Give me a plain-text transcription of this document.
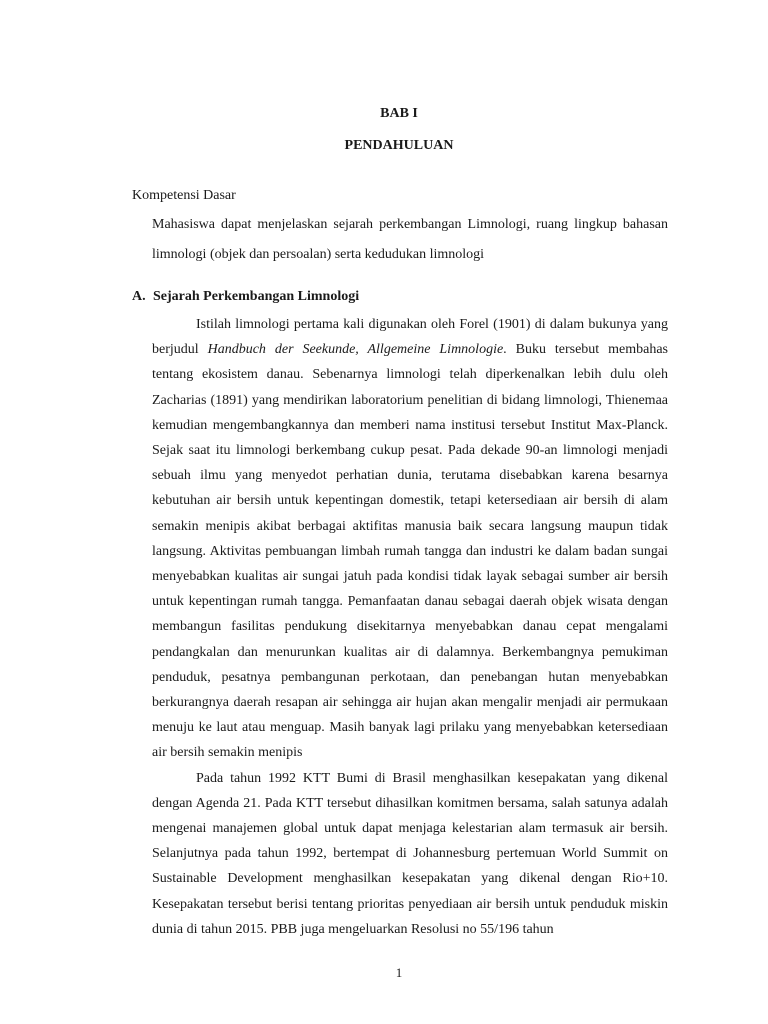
BAB I
PENDAHULUAN
Kompetensi Dasar

Mahasiswa dapat menjelaskan sejarah perkembangan Limnologi, ruang lingkup bahasan limnologi (objek dan persoalan) serta kedudukan limnologi

A. Sejarah Perkembangan Limnologi

Istilah limnologi pertama kali digunakan oleh Forel (1901) di dalam bukunya yang berjudul Handbuch der Seekunde, Allgemeine Limnologie. Buku tersebut membahas tentang ekosistem danau. Sebenarnya limnologi telah diperkenalkan lebih dulu oleh Zacharias (1891) yang mendirikan laboratorium penelitian di bidang limnologi, Thienemaa kemudian mengembangkannya dan memberi nama institusi tersebut Institut Max-Planck. Sejak saat itu limnologi berkembang cukup pesat. Pada dekade 90-an limnologi menjadi sebuah ilmu yang menyedot perhatian dunia, terutama disebabkan karena besarnya kebutuhan air bersih untuk kepentingan domestik, tetapi ketersediaan air bersih di alam semakin menipis akibat berbagai aktifitas manusia baik secara langsung maupun tidak langsung. Aktivitas pembuangan limbah rumah tangga dan industri ke dalam badan sungai menyebabkan kualitas air sungai jatuh pada kondisi tidak layak sebagai sumber air bersih untuk kepentingan rumah tangga. Pemanfaatan danau sebagai daerah objek wisata dengan membangun fasilitas pendukung disekitarnya menyebabkan danau cepat mengalami pendangkalan dan menurunkan kualitas air di dalamnya. Berkembangnya pemukiman penduduk, pesatnya pembangunan perkotaan, dan penebangan hutan menyebabkan berkurangnya daerah resapan air sehingga air hujan akan mengalir menjadi air permukaan menuju ke laut atau menguap. Masih banyak lagi prilaku yang menyebabkan ketersediaan air bersih semakin menipis

Pada tahun 1992 KTT Bumi di Brasil menghasilkan kesepakatan yang dikenal dengan Agenda 21. Pada KTT tersebut dihasilkan komitmen bersama, salah satunya adalah mengenai manajemen global untuk dapat menjaga kelestarian alam termasuk air bersih. Selanjutnya pada tahun 1992, bertempat di Johannesburg pertemuan World Summit on Sustainable Development menghasilkan kesepakatan yang dikenal dengan Rio+10. Kesepakatan tersebut berisi tentang prioritas penyediaan air bersih untuk penduduk miskin dunia di tahun 2015. PBB juga mengeluarkan Resolusi no 55/196 tahun

1
